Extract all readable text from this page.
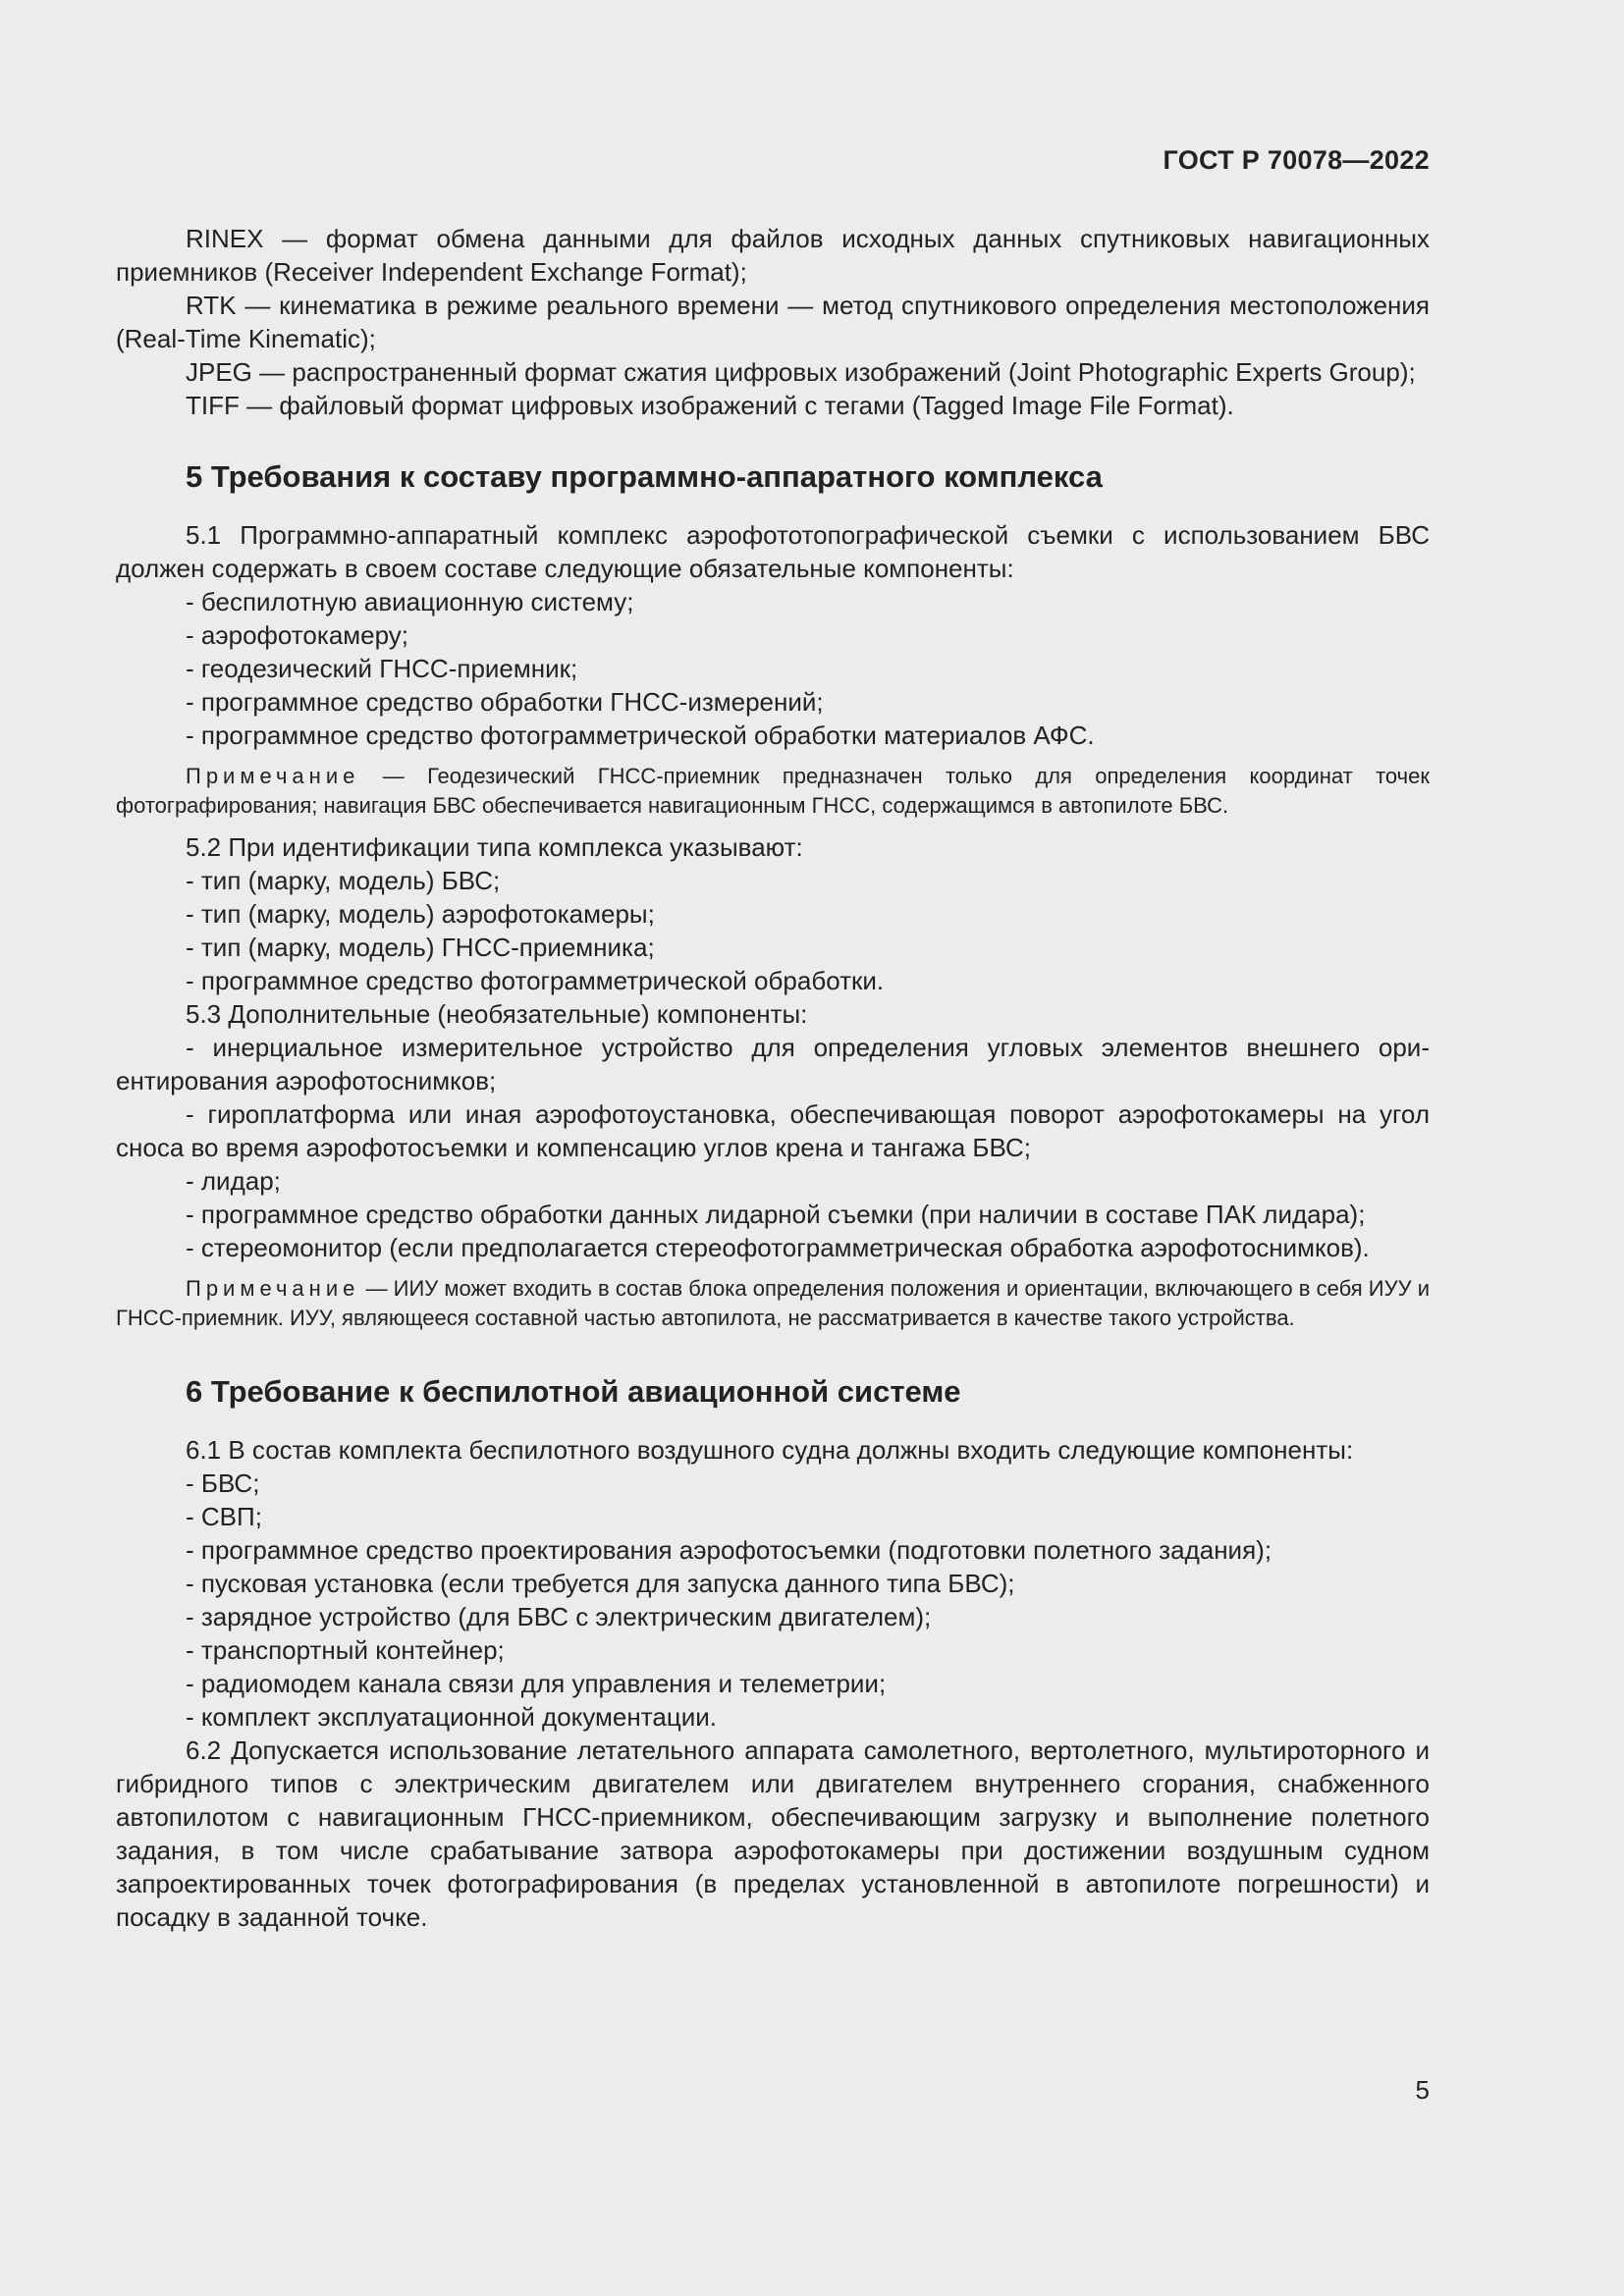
ГОСТ Р 70078—2022

RINEX — формат обмена данными для файлов исходных данных спутниковых навигационных приемников (Receiver Independent Exchange Format);

RTK — кинематика в режиме реального времени — метод спутникового определения местоположения (Real-Time Kinematic);

JPEG — распространенный формат сжатия цифровых изображений (Joint Photographic Experts Group);

TIFF — файловый формат цифровых изображений с тегами (Tagged Image File Format).

5 Требования к составу программно-аппаратного комплекса

5.1 Программно-аппаратный комплекс аэрофототопографической съемки с использованием БВС должен содержать в своем составе следующие обязательные компоненты:

- беспилотную авиационную систему;

- аэрофотокамеру;

- геодезический ГНСС-приемник;

- программное средство обработки ГНСС-измерений;

- программное средство фотограмметрической обработки материалов АФС.

Примечание — Геодезический ГНСС-приемник предназначен только для определения координат точек фотографирования; навигация БВС обеспечивается навигационным ГНСС, содержащимся в автопилоте БВС.

5.2 При идентификации типа комплекса указывают:

- тип (марку, модель) БВС;

- тип (марку, модель) аэрофотокамеры;

- тип (марку, модель) ГНСС-приемника;

- программное средство фотограмметрической обработки.

5.3 Дополнительные (необязательные) компоненты:

- инерциальное измерительное устройство для определения угловых элементов внешнего ориентирования аэрофотоснимков;

- гироплатформа или иная аэрофотоустановка, обеспечивающая поворот аэрофотокамеры на угол сноса во время аэрофотосъемки и компенсацию углов крена и тангажа БВС;

- лидар;

- программное средство обработки данных лидарной съемки (при наличии в составе ПАК лидара);

- стереомонитор (если предполагается стереофотограмметрическая обработка аэрофотоснимков).

Примечание — ИИУ может входить в состав блока определения положения и ориентации, включающего в себя ИУУ и ГНСС-приемник. ИУУ, являющееся составной частью автопилота, не рассматривается в качестве такого устройства.

6 Требование к беспилотной авиационной системе

6.1 В состав комплекта беспилотного воздушного судна должны входить следующие компоненты:

- БВС;

- СВП;

- программное средство проектирования аэрофотосъемки (подготовки полетного задания);

- пусковая установка (если требуется для запуска данного типа БВС);

- зарядное устройство (для БВС с электрическим двигателем);

- транспортный контейнер;

- радиомодем канала связи для управления и телеметрии;

- комплект эксплуатационной документации.

6.2 Допускается использование летательного аппарата самолетного, вертолетного, мультироторного и гибридного типов с электрическим двигателем или двигателем внутреннего сгорания, снабженного автопилотом с навигационным ГНСС-приемником, обеспечивающим загрузку и выполнение полетного задания, в том числе срабатывание затвора аэрофотокамеры при достижении воздушным судном запроектированных точек фотографирования (в пределах установленной в автопилоте погрешности) и посадку в заданной точке.

5
